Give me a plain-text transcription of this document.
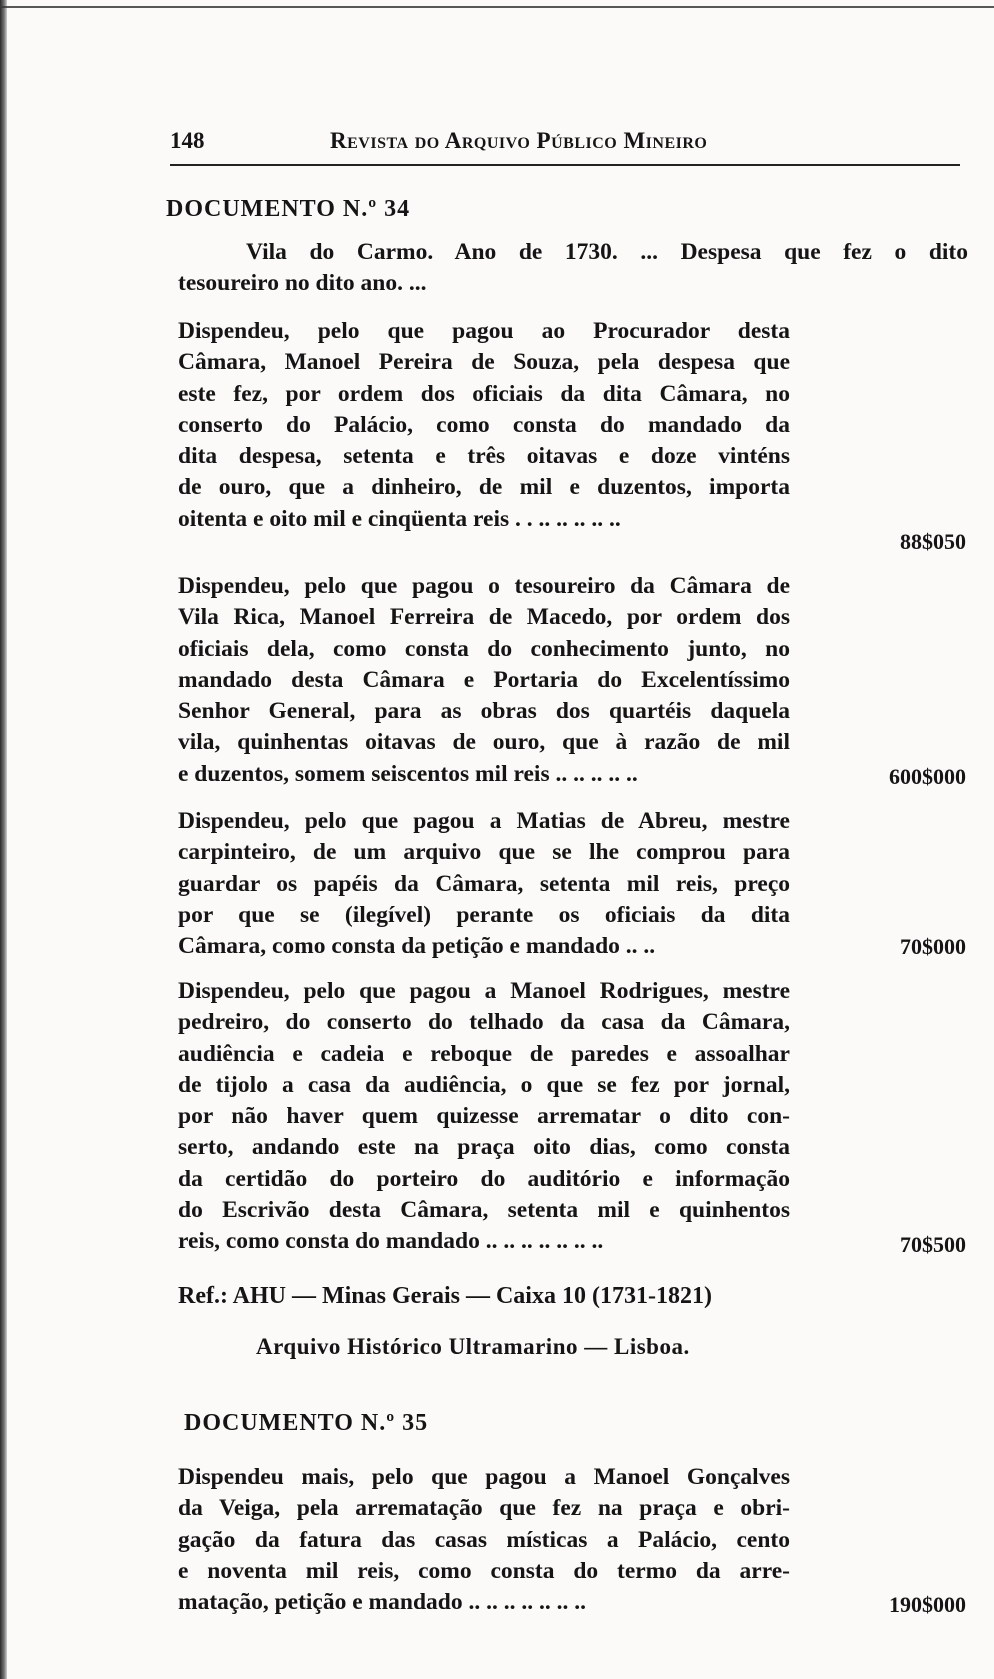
148	Revista do Arquivo Público Mineiro
DOCUMENTO N.º 34
Vila do Carmo. Ano de 1730. ... Despesa que fez o dito
tesoureiro no dito ano. ...
Dispendeu, pelo que pagou ao Procurador desta
Câmara, Manoel Pereira de Souza, pela despesa que
este fez, por ordem dos oficiais da dita Câmara, no
conserto do Palácio, como consta do mandado da
dita despesa, setenta e três oitavas e doze vinténs
de ouro, que a dinheiro, de mil e duzentos, importa
oitenta e oito mil e cinqüenta reis . . .. .. .. .. ..
88$050
Dispendeu, pelo que pagou o tesoureiro da Câmara de
Vila Rica, Manoel Ferreira de Macedo, por ordem dos
oficiais dela, como consta do conhecimento junto, no
mandado desta Câmara e Portaria do Excelentíssimo
Senhor General, para as obras dos quartéis daquela
vila, quinhentas oitavas de ouro, que à razão de mil
e duzentos, somem seiscentos mil reis .. .. .. .. ..	600$000
Dispendeu, pelo que pagou a Matias de Abreu, mestre
carpinteiro, de um arquivo que se lhe comprou para
guardar os papéis da Câmara, setenta mil reis, preço
por que se (ilegível) perante os oficiais da dita
Câmara, como consta da petição e mandado .. ..	70$000
Dispendeu, pelo que pagou a Manoel Rodrigues, mestre
pedreiro, do conserto do telhado da casa da Câmara,
audiência e cadeia e reboque de paredes e assoalhar
de tijolo a casa da audiência, o que se fez por jornal,
por não haver quem quizesse arrematar o dito con-
serto, andando este na praça oito dias, como consta
da certidão do porteiro do auditório e informação
do Escrivão desta Câmara, setenta mil e quinhentos
reis, como consta do mandado .. .. .. .. .. .. ..	70$500
Ref.: AHU — Minas Gerais — Caixa 10 (1731-1821)
Arquivo Histórico Ultramarino — Lisboa.
DOCUMENTO N.º 35
Dispendeu mais, pelo que pagou a Manoel Gonçalves
da Veiga, pela arrematação que fez na praça e obri-
gação da fatura das casas místicas a Palácio, cento
e noventa mil reis, como consta do termo da arre-
matação, petição e mandado .. .. .. .. .. .. ..	190$000
